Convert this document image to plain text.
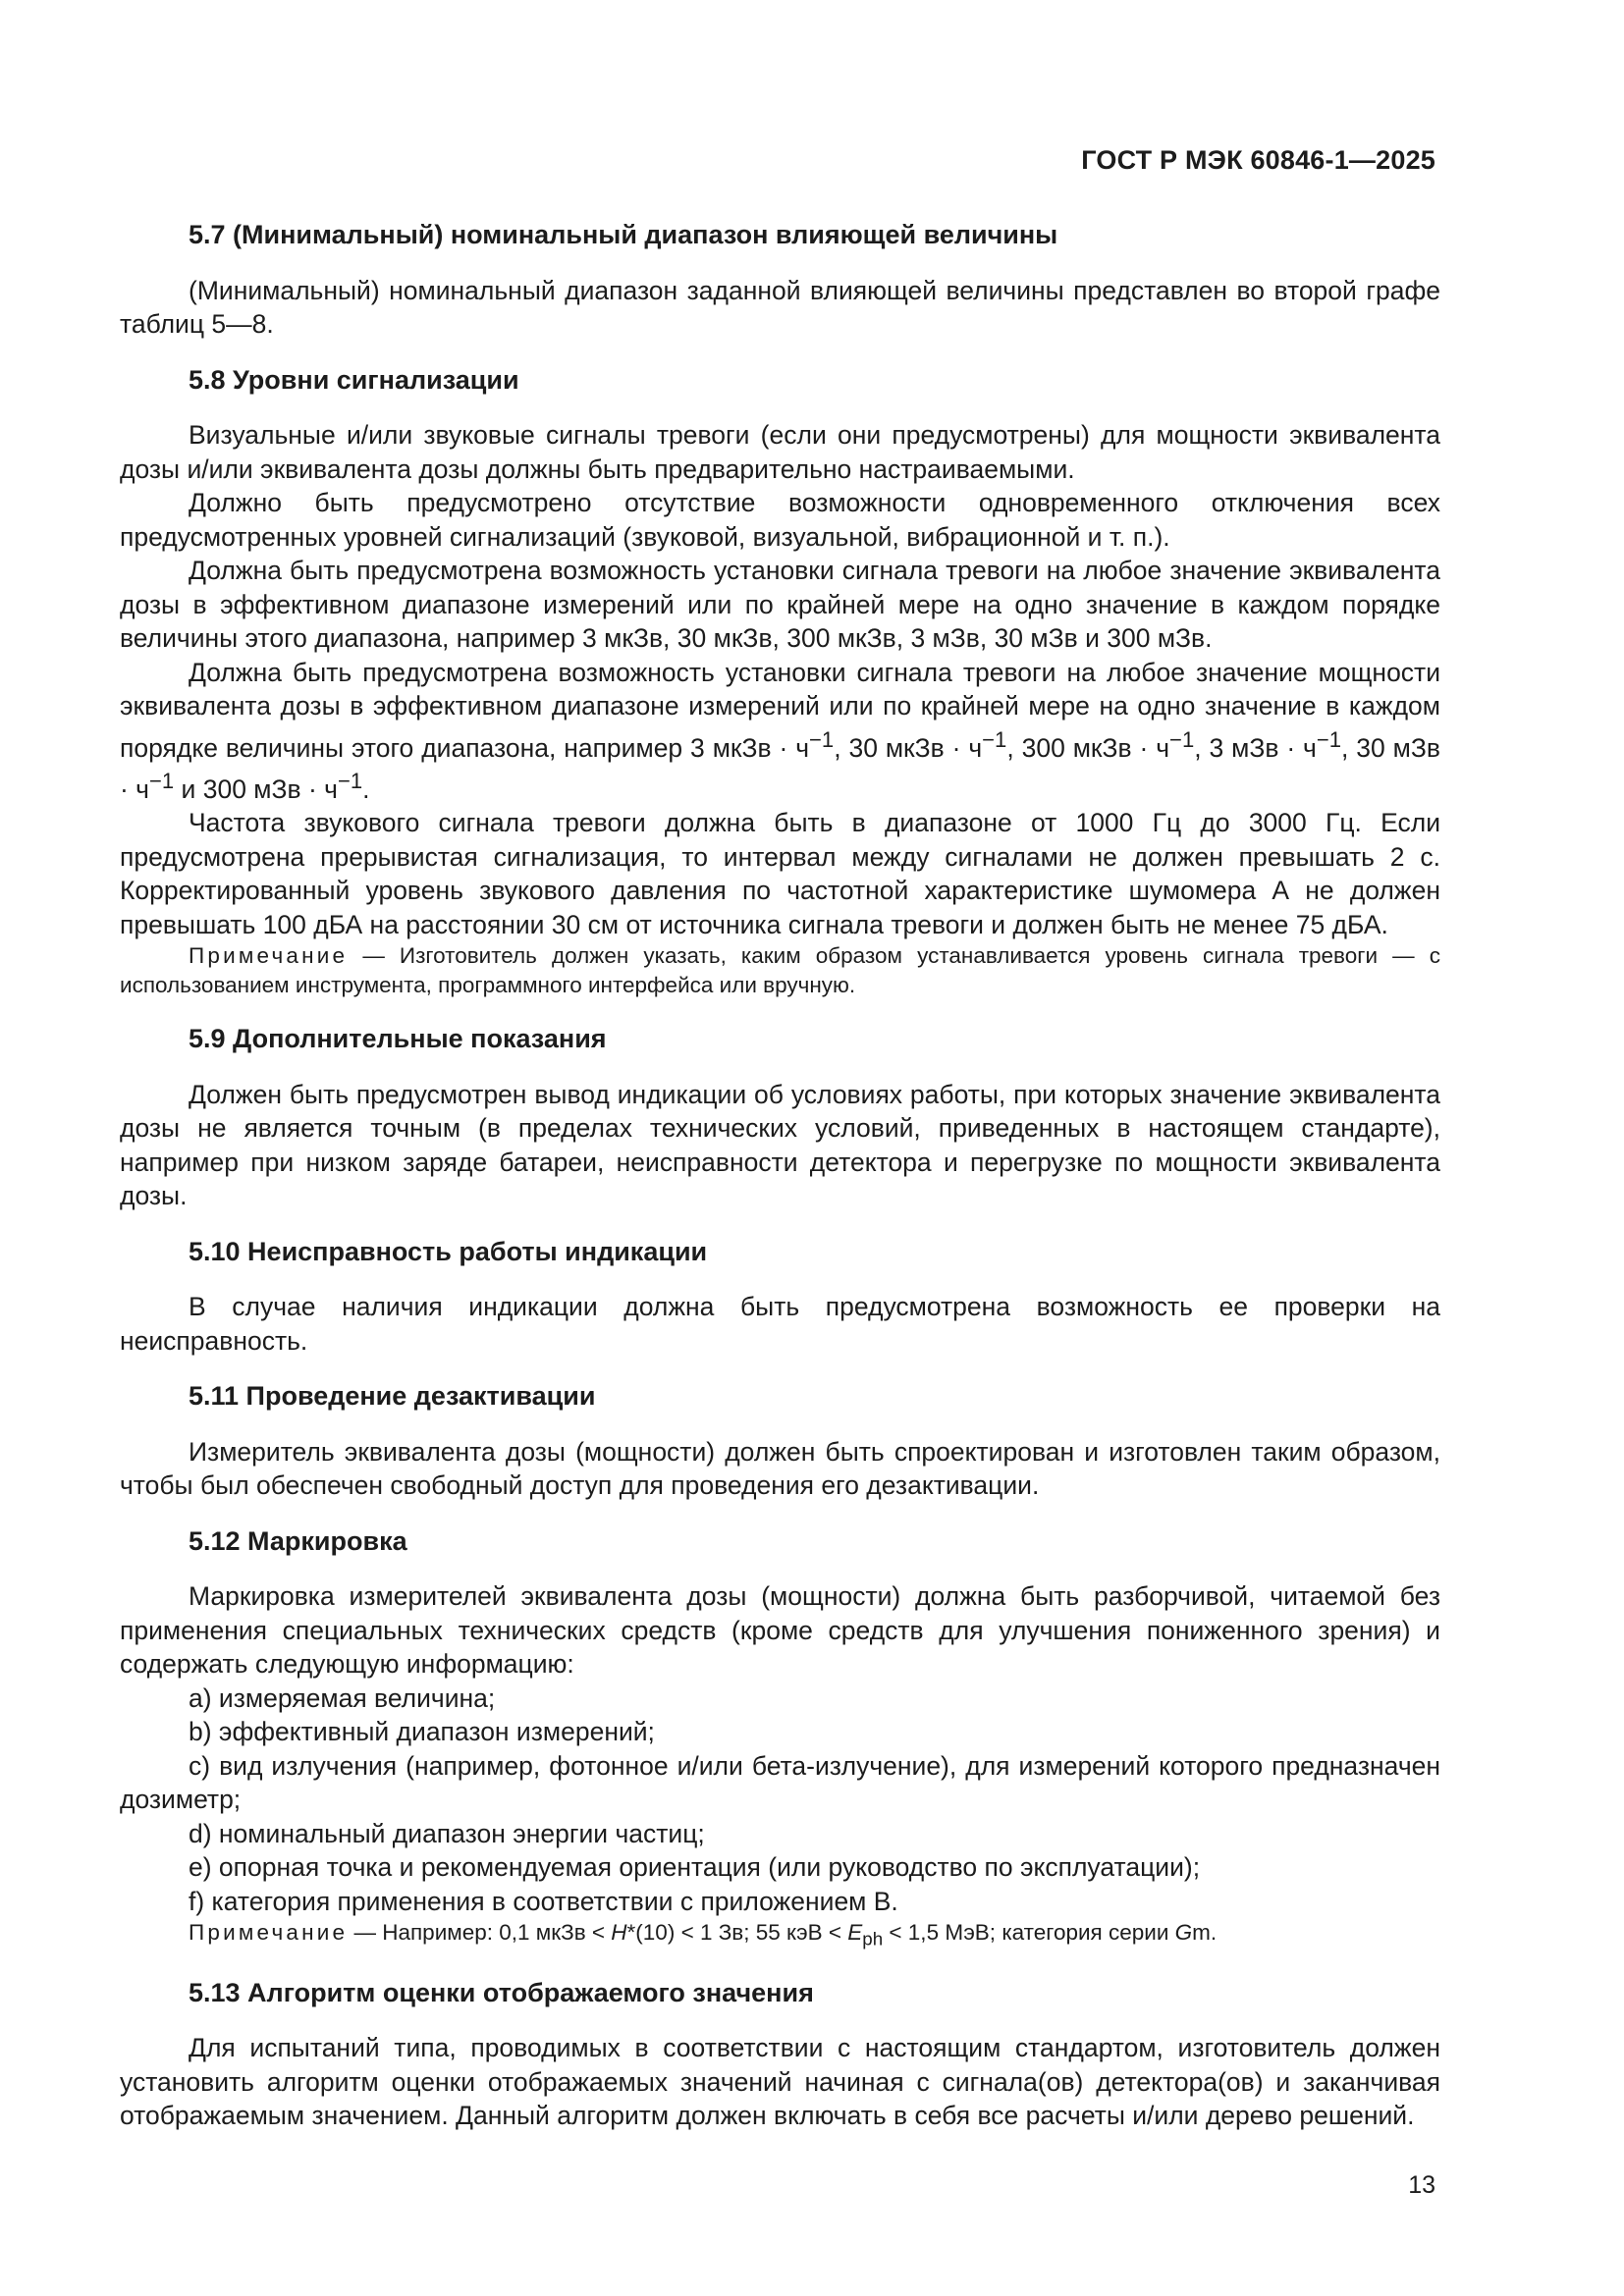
ГОСТ Р МЭК 60846-1—2025
5.7 (Минимальный) номинальный диапазон влияющей величины

(Минимальный) номинальный диапазон заданной влияющей величины представлен во второй графе таблиц 5—8.

5.8 Уровни сигнализации

Визуальные и/или звуковые сигналы тревоги (если они предусмотрены) для мощности эквивалента дозы и/или эквивалента дозы должны быть предварительно настраиваемыми.

Должно быть предусмотрено отсутствие возможности одновременного отключения всех предусмотренных уровней сигнализаций (звуковой, визуальной, вибрационной и т. п.).

Должна быть предусмотрена возможность установки сигнала тревоги на любое значение эквивалента дозы в эффективном диапазоне измерений или по крайней мере на одно значение в каждом порядке величины этого диапазона, например 3 мкЗв, 30 мкЗв, 300 мкЗв, 3 мЗв, 30 мЗв и 300 мЗв.

Должна быть предусмотрена возможность установки сигнала тревоги на любое значение мощности эквивалента дозы в эффективном диапазоне измерений или по крайней мере на одно значение в каждом порядке величины этого диапазона, например 3 мкЗв · $ч^{-1}$, 30 мкЗв · $ч^{-1}$, 300 мкЗв · $ч^{-1}$, 3 мЗв · $ч^{-1}$, 30 мЗв · $ч^{-1}$ и 300 мЗв · $ч^{-1}$.

Частота звукового сигнала тревоги должна быть в диапазоне от 1000 Гц до 3000 Гц. Если предусмотрена прерывистая сигнализация, то интервал между сигналами не должен превышать 2 с. Корректированный уровень звукового давления по частотной характеристике шумомера А не должен превышать 100 дБА на расстоянии 30 см от источника сигнала тревоги и должен быть не менее 75 дБА.

Примечание — Изготовитель должен указать, каким образом устанавливается уровень сигнала тревоги — с использованием инструмента, программного интерфейса или вручную.

5.9 Дополнительные показания

Должен быть предусмотрен вывод индикации об условиях работы, при которых значение эквивалента дозы не является точным (в пределах технических условий, приведенных в настоящем стандарте), например при низком заряде батареи, неисправности детектора и перегрузке по мощности эквивалента дозы.

5.10 Неисправность работы индикации

В случае наличия индикации должна быть предусмотрена возможность ее проверки на неисправность.

5.11 Проведение дезактивации

Измеритель эквивалента дозы (мощности) должен быть спроектирован и изготовлен таким образом, чтобы был обеспечен свободный доступ для проведения его дезактивации.

5.12 Маркировка

Маркировка измерителей эквивалента дозы (мощности) должна быть разборчивой, читаемой без применения специальных технических средств (кроме средств для улучшения пониженного зрения) и содержать следующую информацию:

a) измеряемая величина;

b) эффективный диапазон измерений;

c) вид излучения (например, фотонное и/или бета-излучение), для измерений которого предназначен дозиметр;

d) номинальный диапазон энергии частиц;

e) опорная точка и рекомендуемая ориентация (или руководство по эксплуатации);

f) категория применения в соответствии с приложением B.

Примечание — Например: 0,1 мкЗв < H*(10) < 1 Зв; 55 кэВ < $E_{ph} < 1,5$ МэВ; категория серии Gm.

5.13 Алгоритм оценки отображаемого значения

Для испытаний типа, проводимых в соответствии с настоящим стандартом, изготовитель должен установить алгоритм оценки отображаемых значений начиная с сигнала(ов) детектора(ов) и заканчивая отображаемым значением. Данный алгоритм должен включать в себя все расчеты и/или дерево решений.

13
